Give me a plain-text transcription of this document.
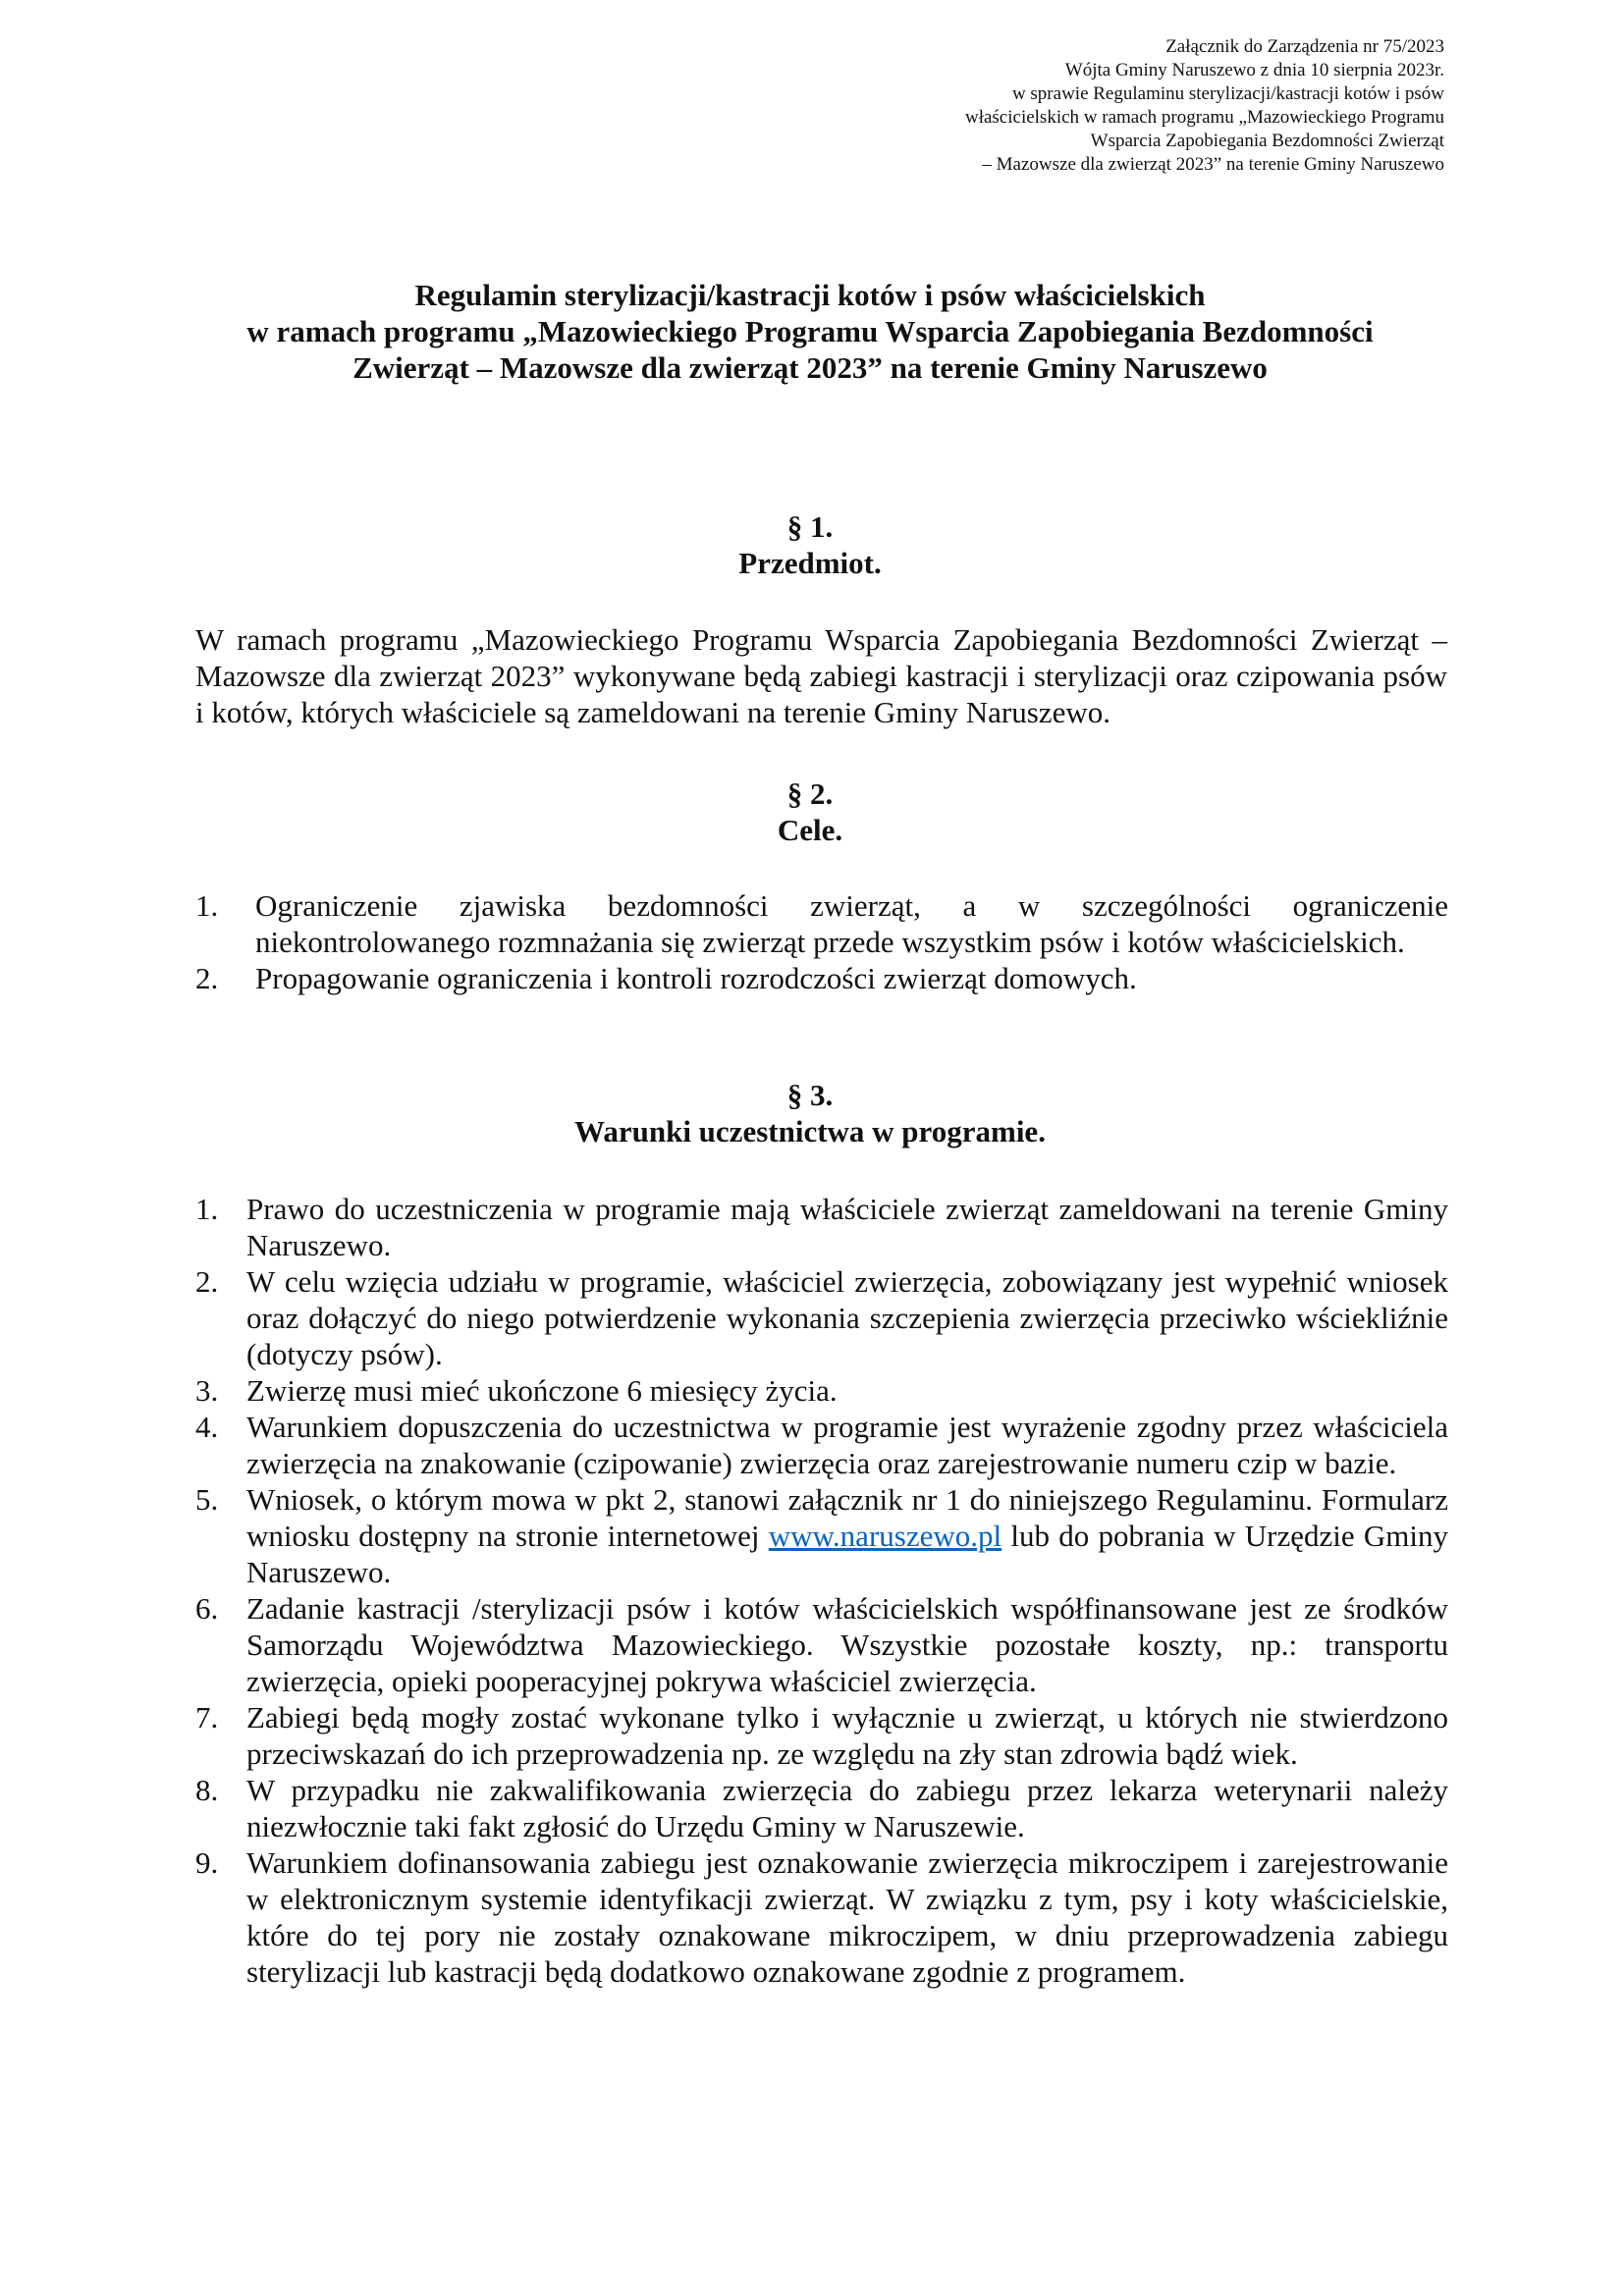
Załącznik do Zarządzenia nr 75/2023
Wójta Gminy Naruszewo z dnia 10 sierpnia 2023r.
w sprawie Regulaminu sterylizacji/kastracji kotów i psów
właścicielskich w ramach programu „Mazowieckiego Programu
Wsparcia Zapobiegania Bezdomności Zwierząt
– Mazowsze dla zwierząt 2023” na terenie Gminy Naruszewo
Regulamin sterylizacji/kastracji kotów i psów właścicielskich
w ramach programu „Mazowieckiego Programu Wsparcia Zapobiegania Bezdomności
Zwierząt – Mazowsze dla zwierząt 2023” na terenie Gminy Naruszewo
§ 1.
Przedmiot.
W ramach programu „Mazowieckiego Programu Wsparcia Zapobiegania Bezdomności Zwierząt – Mazowsze dla zwierząt 2023” wykonywane będą zabiegi kastracji i sterylizacji oraz czipowania psów i kotów, których właściciele są zameldowani na terenie Gminy Naruszewo.
§ 2.
Cele.
1. Ograniczenie zjawiska bezdomności zwierząt, a w szczególności ograniczenie niekontrolowanego rozmnażania się zwierząt przede wszystkim psów i kotów właścicielskich.
2. Propagowanie ograniczenia i kontroli rozrodczości zwierząt domowych.
§ 3.
Warunki uczestnictwa w programie.
1. Prawo do uczestniczenia w programie mają właściciele zwierząt zameldowani na terenie Gminy Naruszewo.
2. W celu wzięcia udziału w programie, właściciel zwierzęcia, zobowiązany jest wypełnić wniosek oraz dołączyć do niego potwierdzenie wykonania szczepienia zwierzęcia przeciwko wściekliźnie (dotyczy psów).
3. Zwierzę musi mieć ukończone 6 miesięcy życia.
4. Warunkiem dopuszczenia do uczestnictwa w programie jest wyrażenie zgodny przez właściciela zwierzęcia na znakowanie (czipowanie) zwierzęcia oraz zarejestrowanie numeru czip w bazie.
5. Wniosek, o którym mowa w pkt 2, stanowi załącznik nr 1 do niniejszego Regulaminu. Formularz wniosku dostępny na stronie internetowej www.naruszewo.pl lub do pobrania w Urzędzie Gminy Naruszewo.
6. Zadanie kastracji /sterylizacji psów i kotów właścicielskich współfinansowane jest ze środków Samorządu Województwa Mazowieckiego. Wszystkie pozostałe koszty, np.: transportu zwierzęcia, opieki pooperacyjnej pokrywa właściciel zwierzęcia.
7. Zabiegi będą mogły zostać wykonane tylko i wyłącznie u zwierząt, u których nie stwierdzono przeciwskazań do ich przeprowadzenia np. ze względu na zły stan zdrowia bądź wiek.
8. W przypadku nie zakwalifikowania zwierzęcia do zabiegu przez lekarza weterynarii należy niezwłocznie taki fakt zgłosić do Urzędu Gminy w Naruszewie.
9. Warunkiem dofinansowania zabiegu jest oznakowanie zwierzęcia mikroczipem i zarejestrowanie w elektronicznym systemie identyfikacji zwierząt. W związku z tym, psy i koty właścicielskie, które do tej pory nie zostały oznakowane mikroczipem, w dniu przeprowadzenia zabiegu sterylizacji lub kastracji będą dodatkowo oznakowane zgodnie z programem.
